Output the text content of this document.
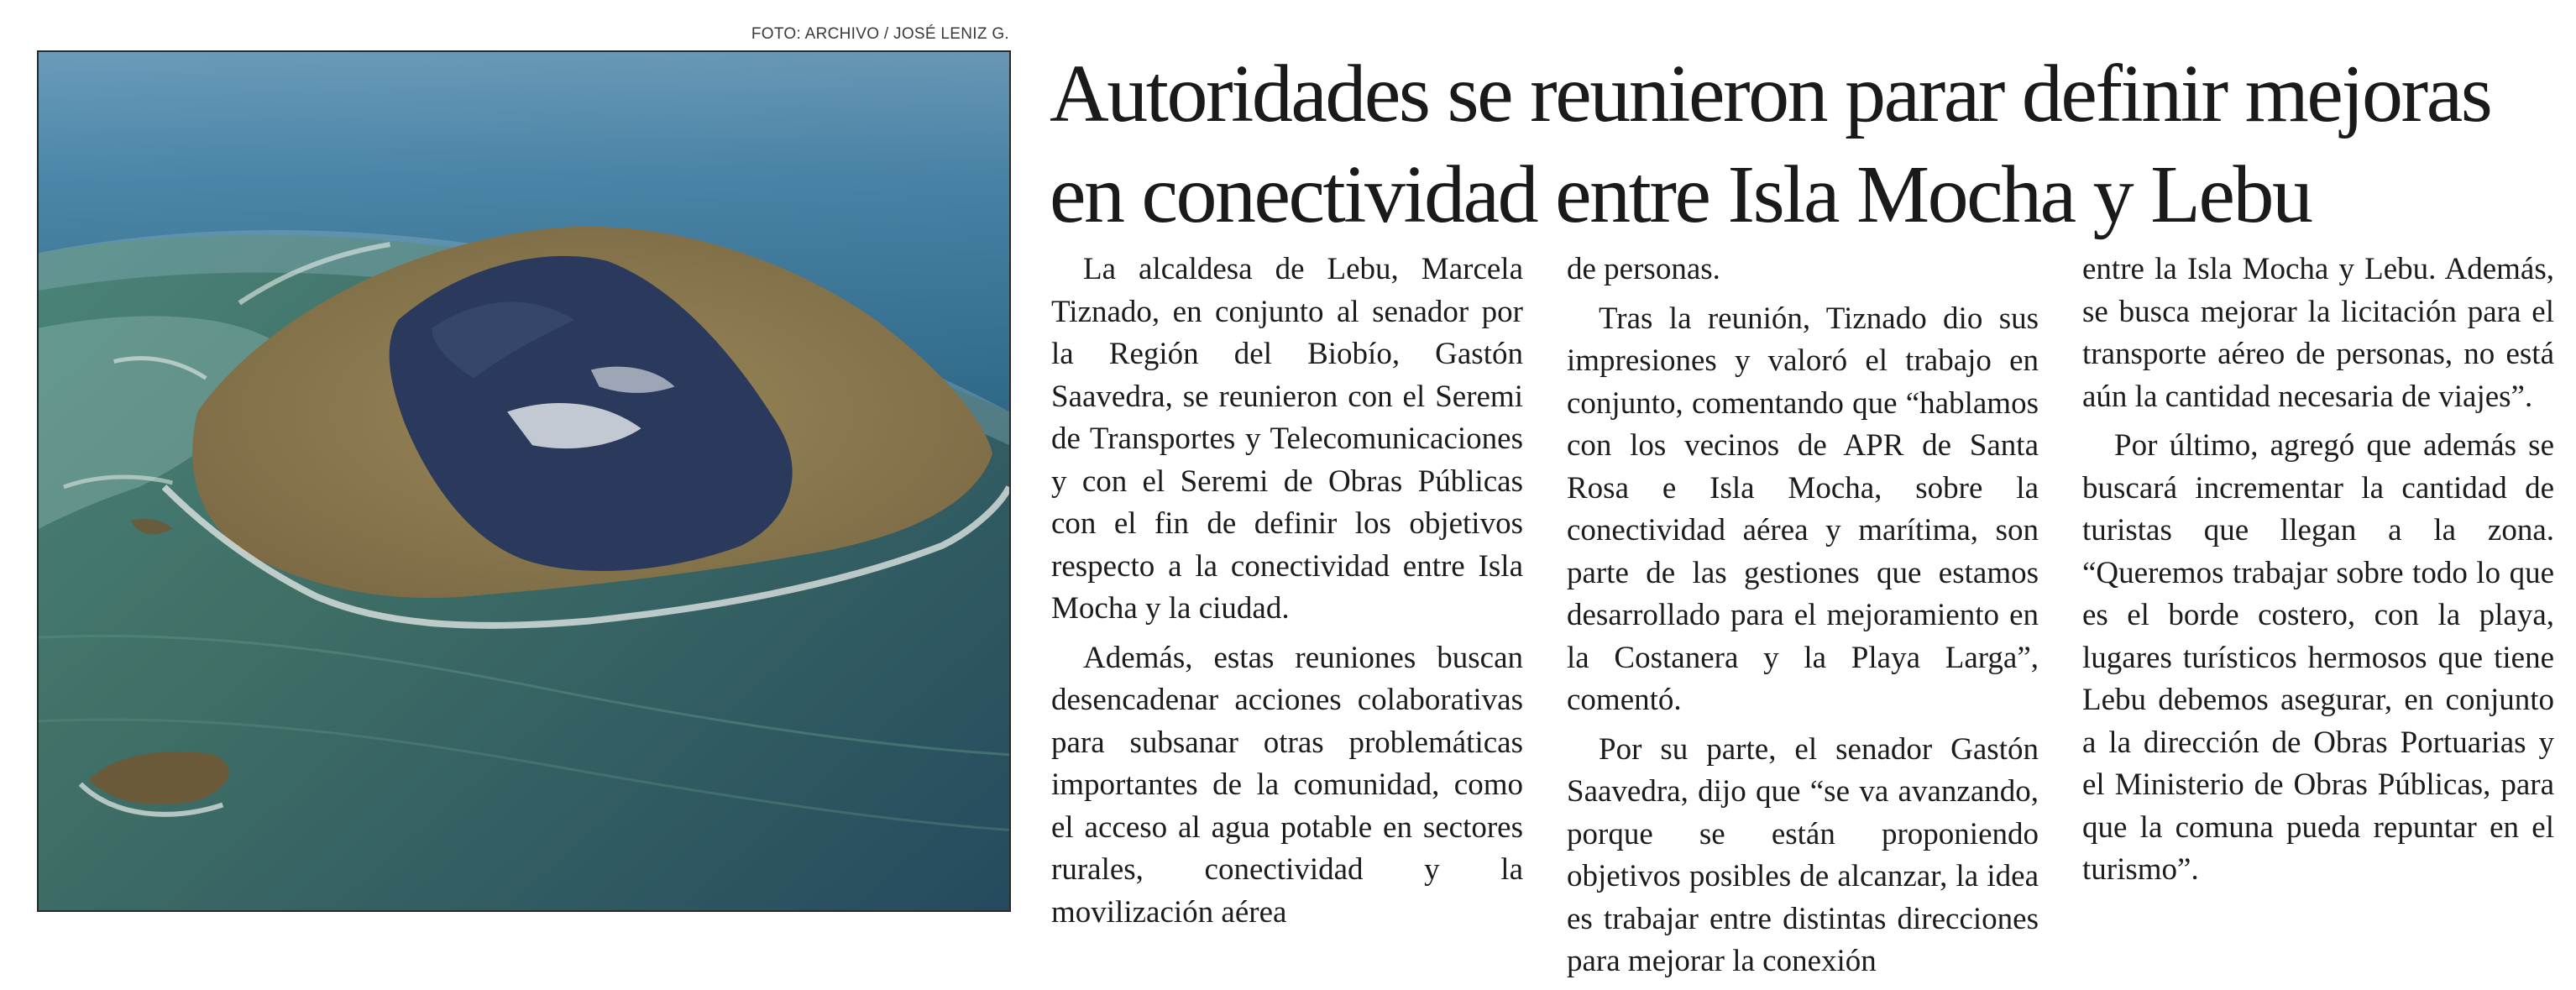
FOTO: ARCHIVO / JOSÉ LENIZ G.
Autoridades se reunieron parar definir mejoras en conectividad entre Isla Mocha y Lebu

La alcaldesa de Lebu, Marcela Tiznado, en conjunto al senador por la Región del Biobío, Gastón Saavedra, se reunieron con el Seremi de Transportes y Telecomunicaciones y con el Seremi de Obras Públicas con el fin de definir los objetivos respecto a la conectividad entre Isla Mocha y la ciudad.

Además, estas reuniones buscan desencadenar acciones colaborativas para subsanar otras problemáticas importantes de la comunidad, como el acceso al agua potable en sectores rurales, conectividad y la movilización aérea

de personas.

Tras la reunión, Tiznado dio sus impresiones y valoró el trabajo en conjunto, comentando que “hablamos con los vecinos de APR de Santa Rosa e Isla Mocha, sobre la conectividad aérea y marítima, son parte de las gestiones que estamos desarrollado para el mejoramiento en la Costanera y la Playa Larga”, comentó.

Por su parte, el senador Gastón Saavedra, dijo que “se va avanzando, porque se están proponiendo objetivos posibles de alcanzar, la idea es trabajar entre distintas direcciones para mejorar la conexión

entre la Isla Mocha y Lebu. Además, se busca mejorar la licitación para el transporte aéreo de personas, no está aún la cantidad necesaria de viajes”.

Por último, agregó que además se buscará incrementar la cantidad de turistas que llegan a la zona. “Queremos trabajar sobre todo lo que es el borde costero, con la playa, lugares turísticos hermosos que tiene Lebu debemos asegurar, en conjunto a la dirección de Obras Portuarias y el Ministerio de Obras Públicas, para que la comuna pueda repuntar en el turismo”.
